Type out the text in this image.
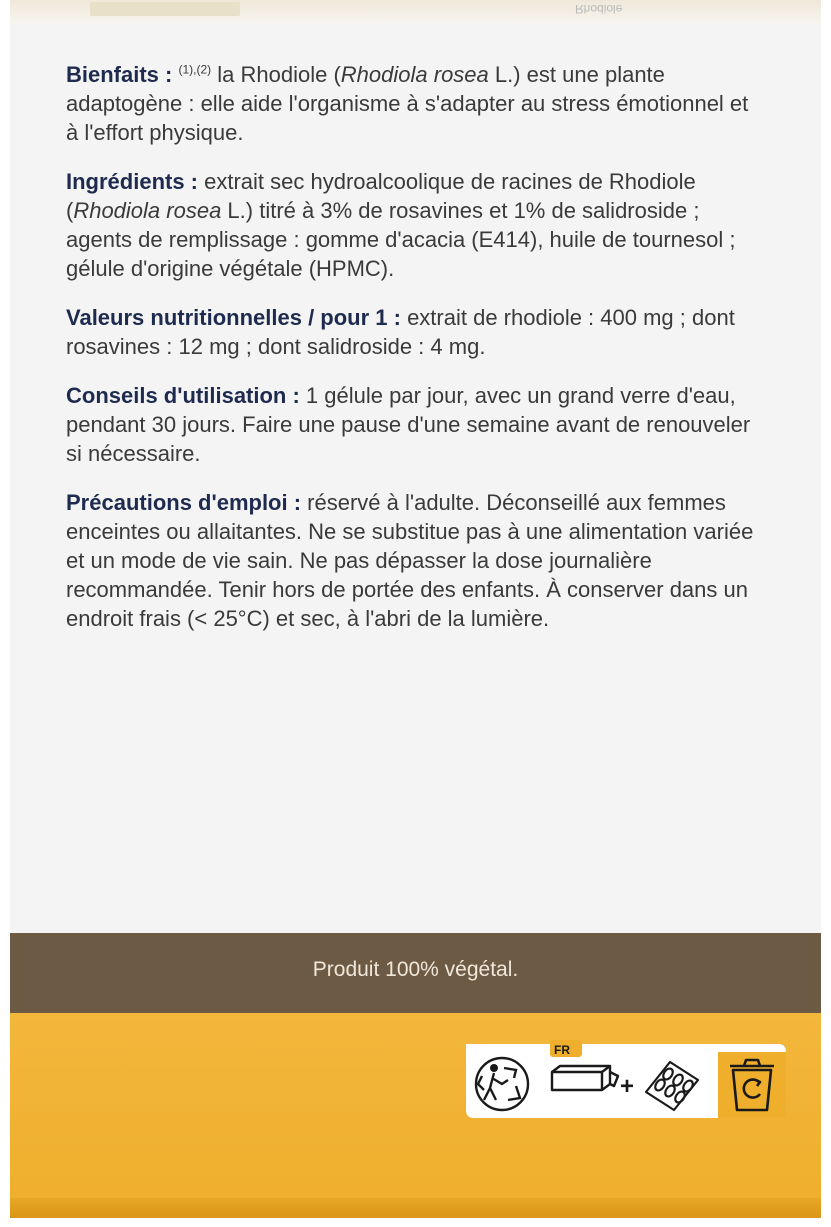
Rhodiole

Bienfaits : $^{(1),(2)}$ la Rhodiole (Rhodiola rosea L.) est une plante adaptogène : elle aide l'organisme à s'adapter au stress émotionnel et à l'effort physique.

Ingrédients : extrait sec hydroalcoolique de racines de Rhodiole (Rhodiola rosea L.) titré à 3% de rosavines et 1% de salidroside ; agents de remplissage : gomme d'acacia (E414), huile de tournesol ; gélule d'origine végétale (HPMC).

Valeurs nutritionnelles / pour 1 : extrait de rhodiole : 400 mg ; dont rosavines : 12 mg ; dont salidroside : 4 mg.

Conseils d'utilisation : 1 gélule par jour, avec un grand verre d'eau, pendant 30 jours. Faire une pause d'une semaine avant de renouveler si nécessaire.

Précautions d'emploi : réservé à l'adulte. Déconseillé aux femmes enceintes ou allaitantes. Ne se substitue pas à une alimentation variée et un mode de vie sain. Ne pas dépasser la dose journalière recommandée. Tenir hors de portée des enfants. À conserver dans un endroit frais (< 25°C) et sec, à l'abri de la lumière.

Produit 100% végétal.
FR
+
